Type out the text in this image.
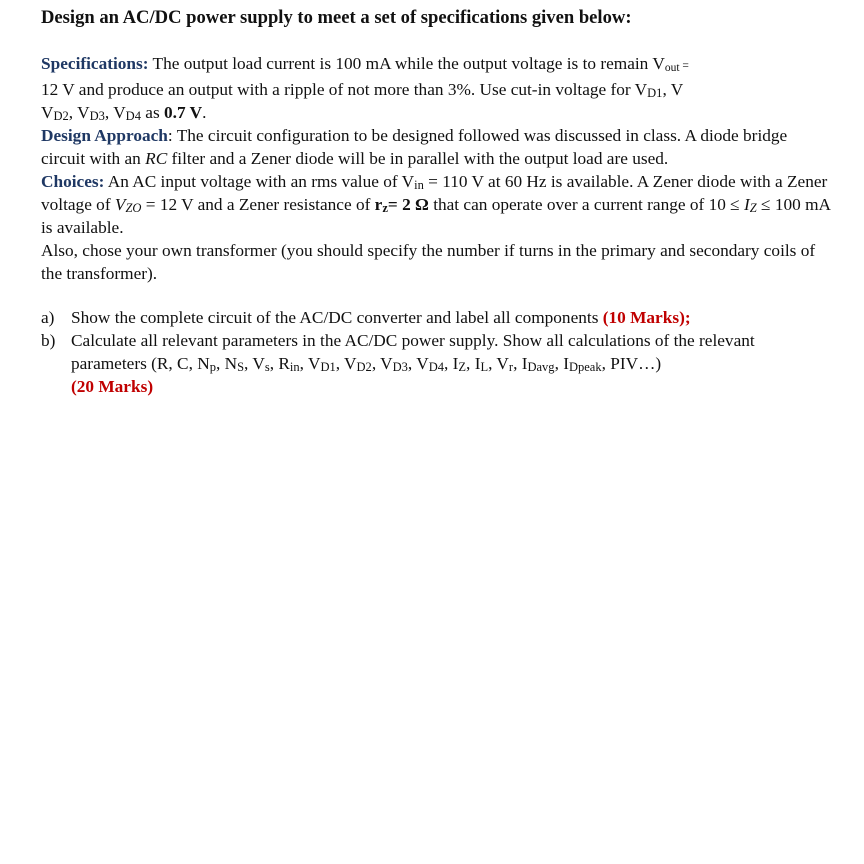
Design an AC/DC power supply to meet a set of specifications given below:

Specifications: The output load current is 100 mA while the output voltage is to remain $V_{out}$ =
12 V and produce an output with a ripple of not more than 3%. Use cut-in voltage for $V_{D1}$, V
$V_{D2}$, $V_{D3}$, $V_{D4}$ as 0.7 V.

Design Approach: The circuit configuration to be designed followed was discussed in class. A diode bridge circuit with an RC filter and a Zener diode will be in parallel with the output load are used.

Choices: An AC input voltage with an rms value of $V_{in} = 110$ V at 60 Hz is available. A Zener diode with a Zener voltage of $V_{ZO} = 12$ V and a Zener resistance of $r_z= 2$ Ω that can operate over a current range of $10 \le I_Z \le 100$ mA is available.

Also, chose your own transformer (you should specify the number if turns in the primary and secondary coils of the transformer).

a) Show the complete circuit of the AC/DC converter and label all components (10 Marks);
b) Calculate all relevant parameters in the AC/DC power supply. Show all calculations of the relevant parameters (R, C, $N_p$, $N_S$, $V_s$, $R_{in}$, $V_{D1}$, $V_{D2}$, $V_{D3}$, $V_{D4}$, $I_Z$, $I_L$, $V_r$, $I_{Davg}$, $I_{Dpeak}$, PIV…)
(20 Marks)
